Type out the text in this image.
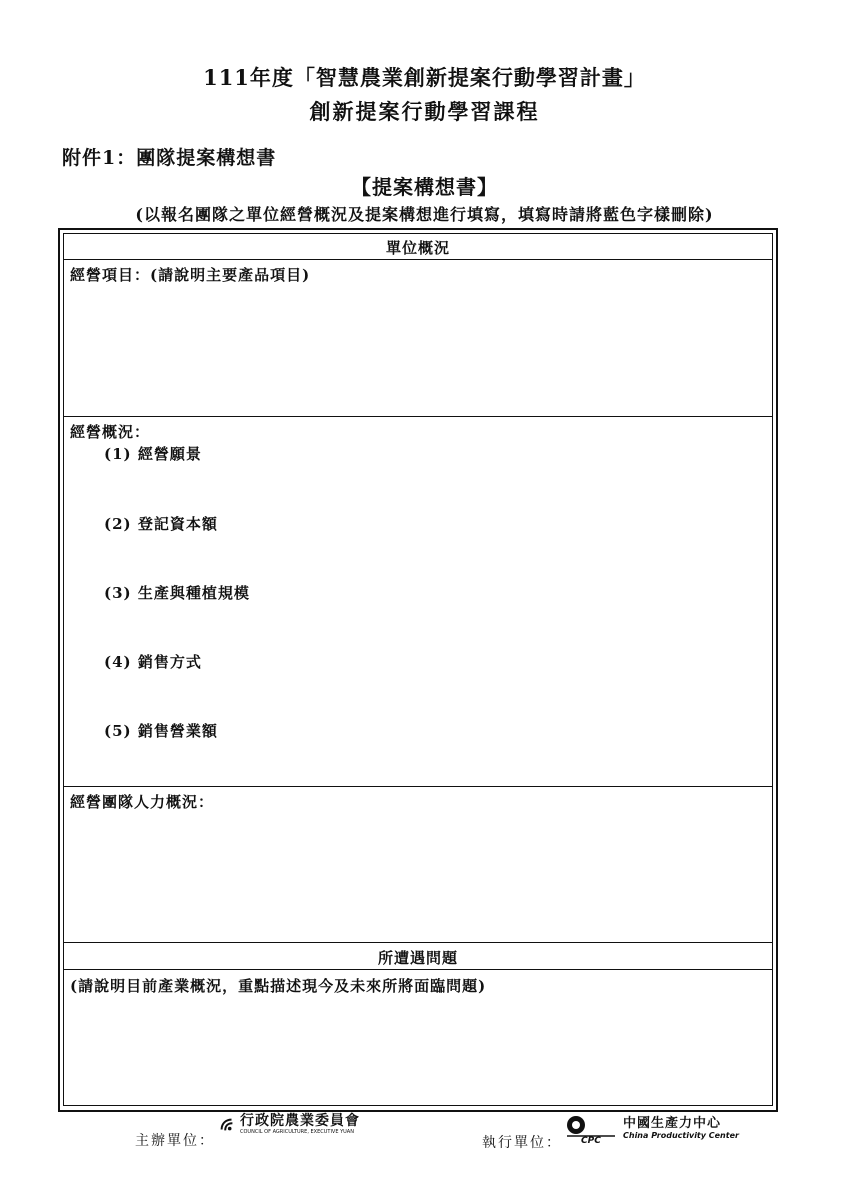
111年度「智慧農業創新提案行動學習計畫」
創新提案行動學習課程
附件1：團隊提案構想書
【提案構想書】
(以報名團隊之單位經營概況及提案構想進行填寫，填寫時請將藍色字樣刪除)
單位概況
經營項目：(請說明主要產品項目)
經營概況：
(1) 經營願景
(2) 登記資本額
(3) 生產與種植規模
(4) 銷售方式
(5) 銷售營業額
經營團隊人力概況：
所遭遇問題
(請說明目前產業概況，重點描述現今及未來所將面臨問題)
主辦單位：
行政院農業委員會
COUNCIL OF AGRICULTURE, EXECUTIVE YUAN
執行單位： CPC
中國生產力中心
China Productivity Center
